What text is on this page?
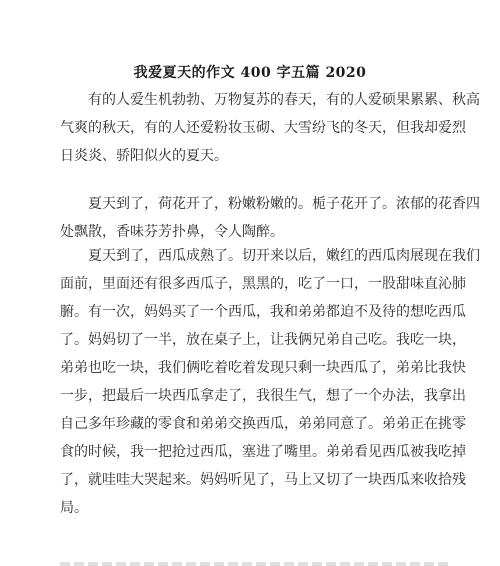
我爱夏天的作文 400 字五篇 2020
有的人爱生机勃勃、万物复苏的春天，有的人爱硕果累累、秋高
气爽的秋天，有的人还爱粉妆玉砌、大雪纷飞的冬天，但我却爱烈
日炎炎、骄阳似火的夏天。
夏天到了，荷花开了，粉嫩粉嫩的。栀子花开了。浓郁的花香四
处飘散，香味芬芳扑鼻，令人陶醉。
夏天到了，西瓜成熟了。切开来以后，嫩红的西瓜肉展现在我们
面前，里面还有很多西瓜子，黑黑的，吃了一口，一股甜味直沁肺
腑。有一次，妈妈买了一个西瓜，我和弟弟都迫不及待的想吃西瓜
了。妈妈切了一半，放在桌子上，让我俩兄弟自己吃。我吃一块，
弟弟也吃一块，我们俩吃着吃着发现只剩一块西瓜了，弟弟比我快
一步，把最后一块西瓜拿走了，我很生气，想了一个办法，我拿出
自己多年珍藏的零食和弟弟交换西瓜，弟弟同意了。弟弟正在挑零
食的时候，我一把抢过西瓜，塞进了嘴里。弟弟看见西瓜被我吃掉
了，就哇哇大哭起来。妈妈听见了，马上又切了一块西瓜来收拾残
局。
